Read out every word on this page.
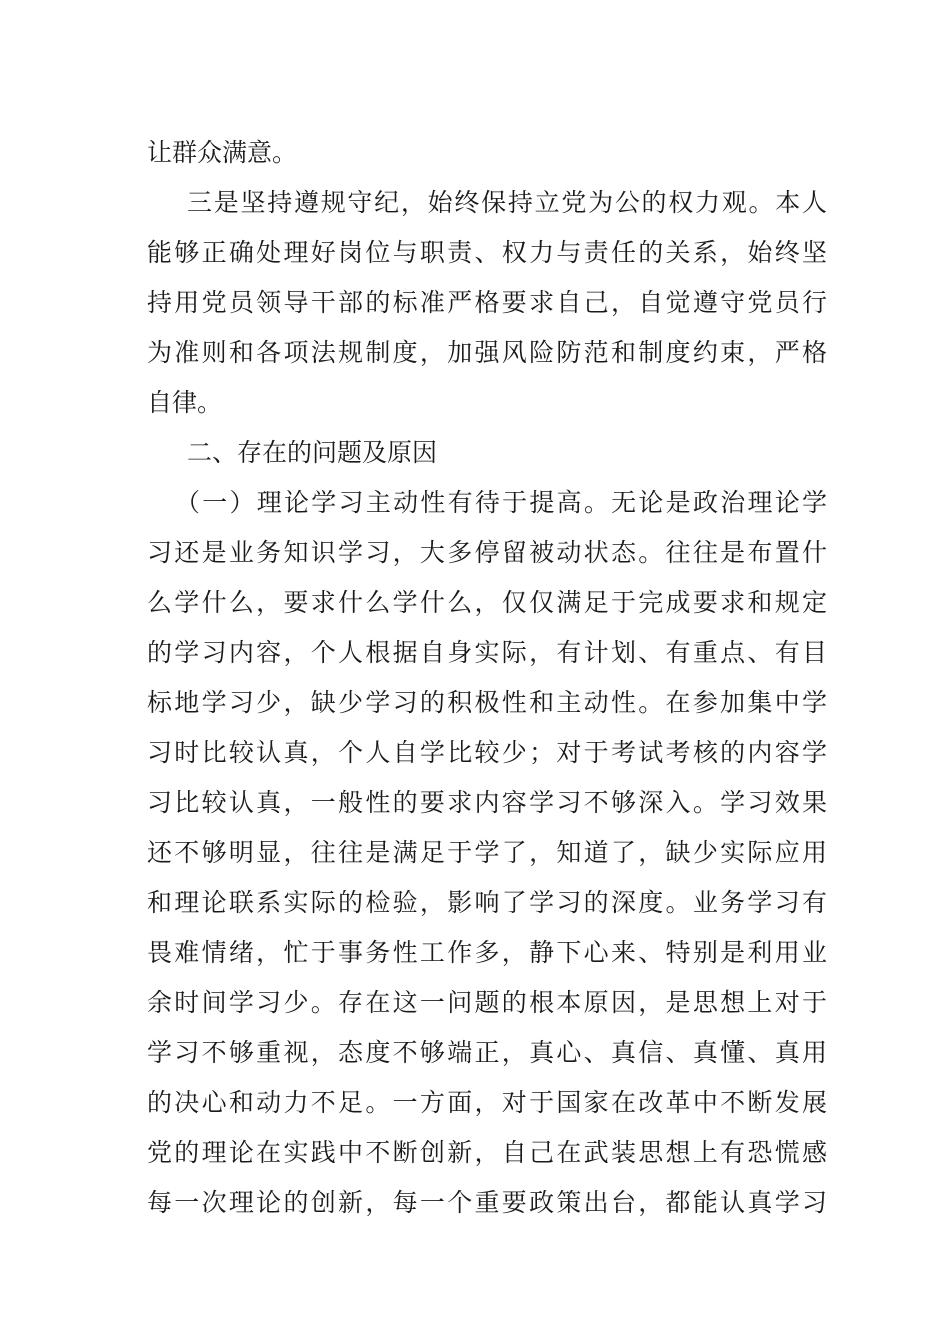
让群众满意。
三是坚持遵规守纪，始终保持立党为公的权力观。本人
能够正确处理好岗位与职责、权力与责任的关系，始终坚
持用党员领导干部的标准严格要求自己，自觉遵守党员行
为准则和各项法规制度，加强风险防范和制度约束，严格
自律。
二、存在的问题及原因
（一）理论学习主动性有待于提高。无论是政治理论学
习还是业务知识学习，大多停留被动状态。往往是布置什
么学什么，要求什么学什么，仅仅满足于完成要求和规定
的学习内容，个人根据自身实际，有计划、有重点、有目
标地学习少，缺少学习的积极性和主动性。在参加集中学
习时比较认真，个人自学比较少；对于考试考核的内容学
习比较认真，一般性的要求内容学习不够深入。学习效果
还不够明显，往往是满足于学了，知道了，缺少实际应用
和理论联系实际的检验，影响了学习的深度。业务学习有
畏难情绪，忙于事务性工作多，静下心来、特别是利用业
余时间学习少。存在这一问题的根本原因，是思想上对于
学习不够重视，态度不够端正，真心、真信、真懂、真用
的决心和动力不足。一方面，对于国家在改革中不断发展
党的理论在实践中不断创新，自己在武装思想上有恐慌感
每一次理论的创新，每一个重要政策出台，都能认真学习
